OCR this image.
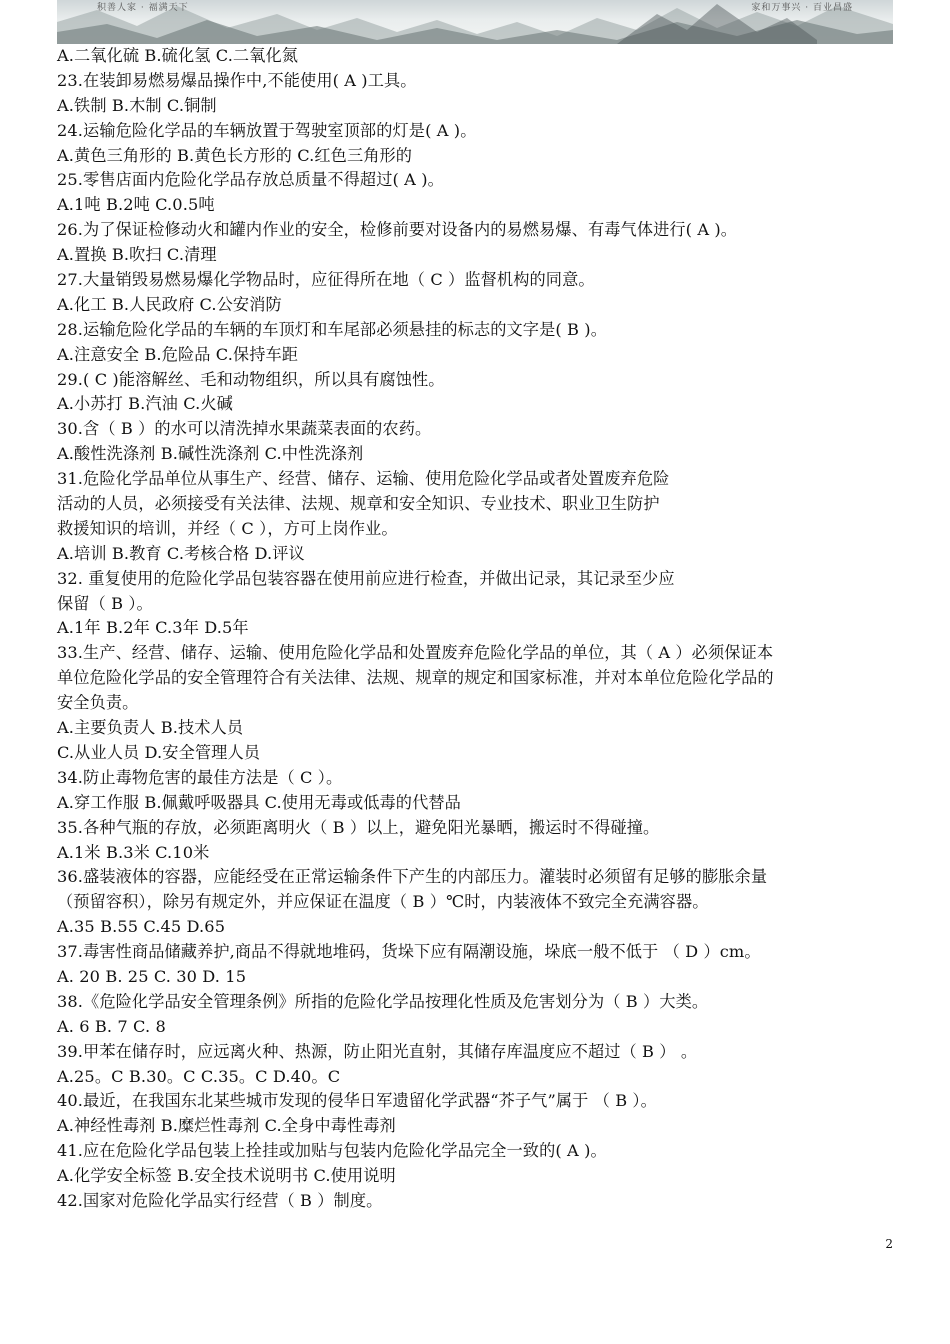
积善人家 · 福满天下	家和万事兴 · 百业昌盛
A.二氧化硫 B.硫化氢 C.二氧化氮
23.在装卸易燃易爆品操作中,不能使用( A )工具。
A.铁制 B.木制 C.铜制
24.运输危险化学品的车辆放置于驾驶室顶部的灯是( A )。
A.黄色三角形的 B.黄色长方形的 C.红色三角形的
25.零售店面内危险化学品存放总质量不得超过( A )。
A.1吨 B.2吨 C.0.5吨
26.为了保证检修动火和罐内作业的安全，检修前要对设备内的易燃易爆、有毒气体进行( A )。
A.置换 B.吹扫 C.清理
27.大量销毁易燃易爆化学物品时，应征得所在地（ C ）监督机构的同意。
A.化工 B.人民政府 C.公安消防
28.运输危险化学品的车辆的车顶灯和车尾部必须悬挂的标志的文字是( B )。
A.注意安全 B.危险品 C.保持车距
29.( C )能溶解丝、毛和动物组织，所以具有腐蚀性。
A.小苏打 B.汽油 C.火碱
30.含（ B ）的水可以清洗掉水果蔬菜表面的农药。
A.酸性洗涤剂 B.碱性洗涤剂 C.中性洗涤剂
31.危险化学品单位从事生产、经营、储存、运输、使用危险化学品或者处置废弃危险
活动的人员，必须接受有关法律、法规、规章和安全知识、专业技术、职业卫生防护
救援知识的培训，并经（ C ），方可上岗作业。
A.培训 B.教育 C.考核合格 D.评议
32. 重复使用的危险化学品包装容器在使用前应进行检查，并做出记录，其记录至少应
保留（ B ）。
A.1年 B.2年 C.3年 D.5年
33.生产、经营、储存、运输、使用危险化学品和处置废弃危险化学品的单位，其（ A ）必须保证本
单位危险化学品的安全管理符合有关法律、法规、规章的规定和国家标准，并对本单位危险化学品的
安全负责。
A.主要负责人 B.技术人员
C.从业人员 D.安全管理人员
34.防止毒物危害的最佳方法是（ C ）。
A.穿工作服 B.佩戴呼吸器具 C.使用无毒或低毒的代替品
35.各种气瓶的存放，必须距离明火（ B ）以上，避免阳光暴晒，搬运时不得碰撞。
A.1米 B.3米 C.10米
36.盛装液体的容器，应能经受在正常运输条件下产生的内部压力。灌装时必须留有足够的膨胀余量
（预留容积），除另有规定外，并应保证在温度（ B ）℃时，内装液体不致完全充满容器。
A.35 B.55 C.45 D.65
37.毒害性商品储藏养护,商品不得就地堆码，货垛下应有隔潮设施，垛底一般不低于 （ D ）cm。
A. 20 B. 25 C. 30 D. 15
38.《危险化学品安全管理条例》所指的危险化学品按理化性质及危害划分为（ B ）大类。
A. 6 B. 7 C. 8
39.甲苯在储存时，应远离火种、热源，防止阳光直射，其储存库温度应不超过（ B ） 。
A.25。C B.30。C C.35。C D.40。C
40.最近，在我国东北某些城市发现的侵华日军遗留化学武器“芥子气”属于 （ B ）。
A.神经性毒剂 B.糜烂性毒剂 C.全身中毒性毒剂
41.应在危险化学品包装上拴挂或加贴与包装内危险化学品完全一致的( A )。
A.化学安全标签 B.安全技术说明书 C.使用说明
42.国家对危险化学品实行经营（ B ）制度。
2
